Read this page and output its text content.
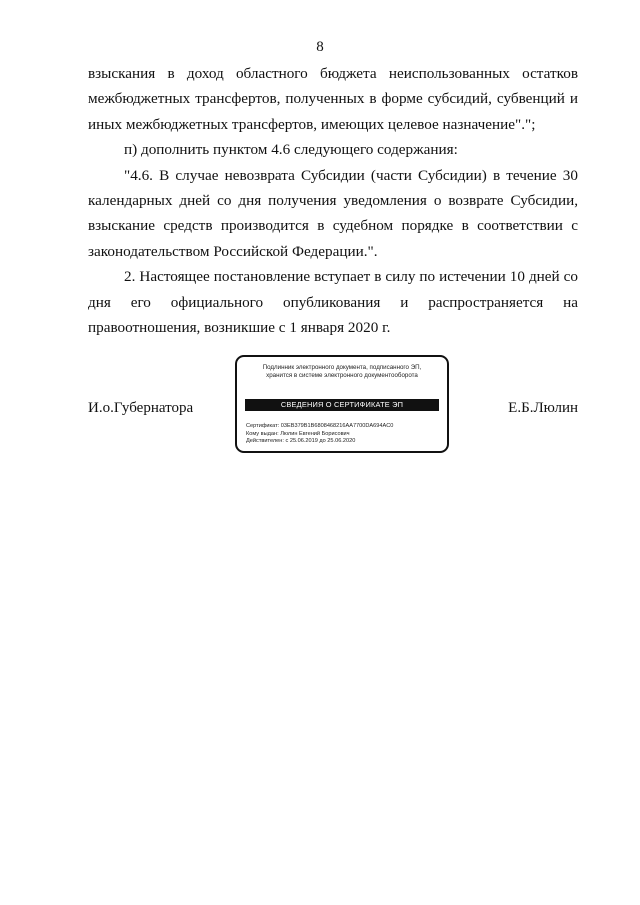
8

взыскания в доход областного бюджета неиспользованных остатков межбюджетных трансфертов, полученных в форме субсидий, субвенций и иных межбюджетных трансфертов, имеющих целевое назначение".";

п) дополнить пунктом 4.6 следующего содержания:

"4.6. В случае невозврата Субсидии (части Субсидии) в течение 30 календарных дней со дня получения уведомления о возврате Субсидии, взыскание средств производится в судебном порядке в соответствии с законодательством Российской Федерации.".

2. Настоящее постановление вступает в силу по истечении 10 дней со дня его официального опубликования и распространяется на правоотношения, возникшие с 1 января 2020 г.

И.о.Губернатора
Подлинник электронного документа, подписанного ЭП,
хранится в системе электронного документооборота
СВЕДЕНИЯ О СЕРТИФИКАТЕ ЭП
Сертификат: 03EB379B1B6808468216AA7700DA694AC0
Кому выдан: Люлин Евгений Борисович
Действителен: с 25.06.2019 до 25.06.2020
Е.Б.Люлин
